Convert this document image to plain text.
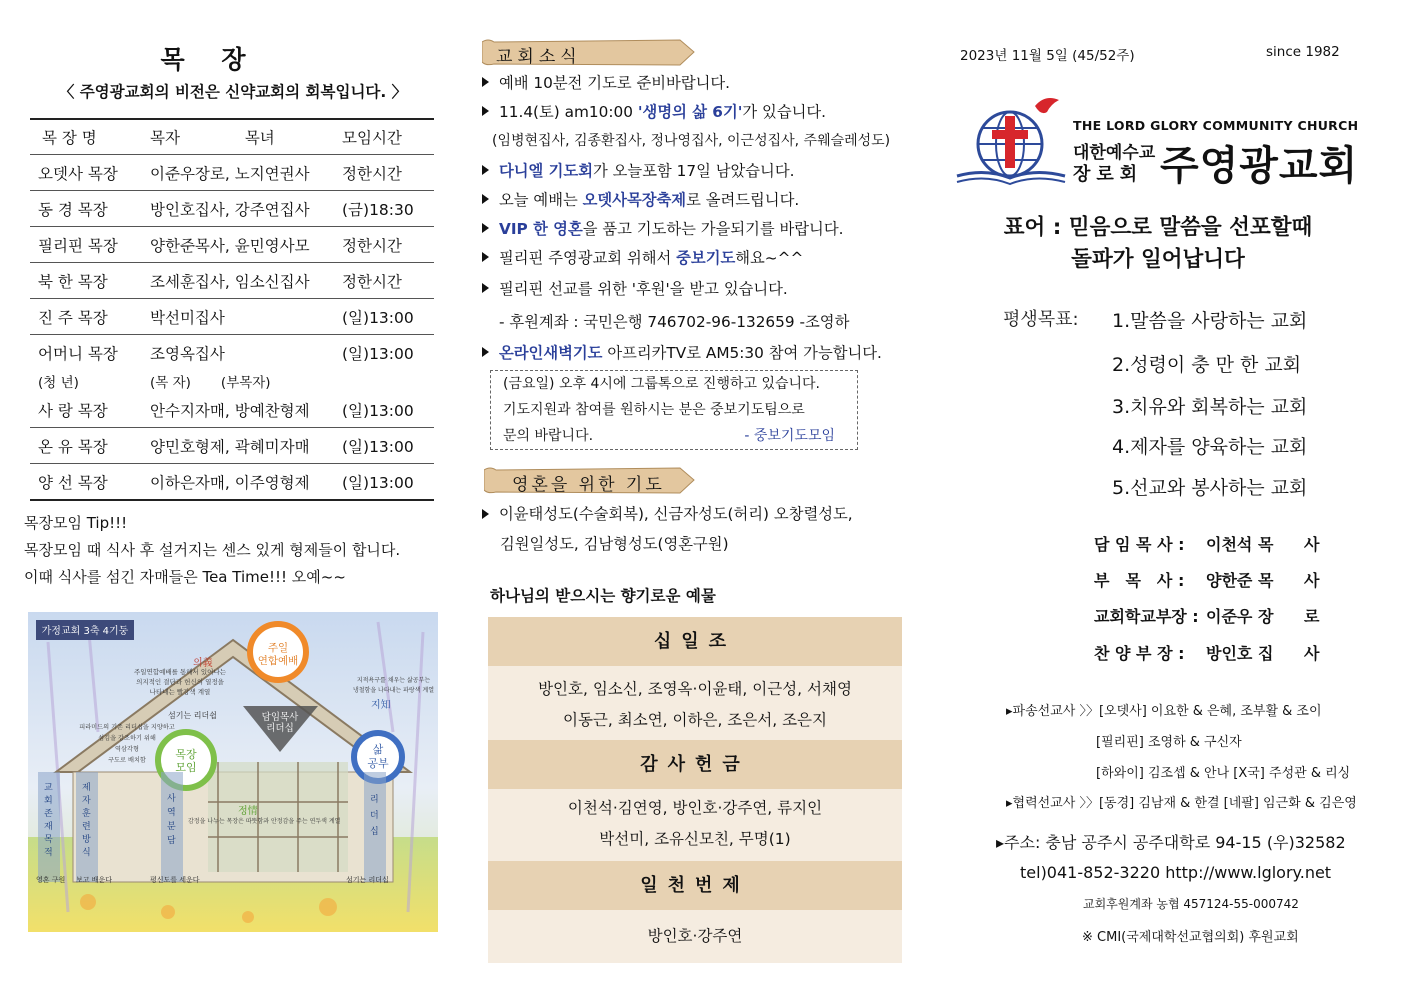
목 장
〈 주영광교회의 비전은 신약교회의 회복입니다. 〉
목 장 명	목자 목녀	모임시간
오뎃사 목장	이준우장로, 노지연권사	정한시간
동 경 목장	방인호집사, 강주연집사	(금)18:30
필리핀 목장	양한준목사, 윤민영사모	정한시간
북 한 목장	조세훈집사, 임소신집사	정한시간
진 주 목장	박선미집사	(일)13:00
어머니 목장	조영옥집사	(일)13:00
(청 년)	(목 자) (부목자)	
사 랑 목장	안수지자매, 방예찬형제	(일)13:00
온 유 목장	양민호형제, 곽혜미자매	(일)13:00
양 선 목장	이하은자매, 이주영형제	(일)13:00
목장모임 Tip!!!
목장모임 때 식사 후 설거지는 센스 있게 형제들이 합니다.
이때 식사를 섬긴 자매들은 Tea Time!!! 오예~~
가정교회 3축 4기둥
주일
연합예배
목장
모임
삶
공부
담임목사
리더십
의義
지知
정情
주일연합예배를 통해서 있어나는
의지적인 결단과 헌신의 열정을
나타내는 빨강색 계열
지적욕구를 채우는 삶공부는
냉철함을 나타내는 파랑색 계열
섬기는 리더쉽
피라미드의 기존 리더십을 지양하고
섬김을 강조하기 위해
역삼각형
구도로 배치함
감정을 나누는 목장은 따뜻함과 안정감을 주는 연두색 계열
교회존재목적
제자훈련방식
사역분담
리더십
영혼 구원 보고 배운다	평신도를 세운다	섬기는 리더십
교회소식
예배 10분전 기도로 준비바랍니다.
11.4(토) am10:00 '생명의 삶 6기'가 있습니다.
(임병현집사, 김종환집사, 정나영집사, 이근성집사, 주웨슬레성도)
다니엘 기도회가 오늘포함 17일 남았습니다.
오늘 예배는 오뎃사목장축제로 올려드립니다.
VIP 한 영혼을 품고 기도하는 가을되기를 바랍니다.
필리핀 주영광교회 위해서 중보기도해요~^^
필리핀 선교를 위한 '후원'을 받고 있습니다.
- 후원계좌 : 국민은행 746702-96-132659 -조영하
온라인새벽기도 아프리카TV로 AM5:30 참여 가능합니다.
(금요일) 오후 4시에 그룹톡으로 진행하고 있습니다.
기도지원과 참여를 원하시는 분은 중보기도팀으로
문의 바랍니다.	- 중보기도모임
영혼을 위한 기도
이윤태성도(수술회복), 신금자성도(허리) 오창렬성도,
김원일성도, 김남형성도(영혼구원)
하나님의 받으시는 향기로운 예물
십일조
방인호, 임소신, 조영옥·이윤태, 이근성, 서채영
이동근, 최소연, 이하은, 조은서, 조은지
감사헌금
이천석·김연영, 방인호·강주연, 류지인
박선미, 조유신모친, 무명(1)
일천번제
방인호·강주연
2023년 11월 5일 (45/52주)	since 1982
THE LORD GLORY COMMUNITY CHURCH
대한예수교
장로회 주영광교회
표어 : 믿음으로 말씀을 선포할때
돌파가 일어납니다
평생목표: 1.말씀을 사랑하는 교회
2.성령이 충 만 한 교회
3.치유와 회복하는 교회
4.제자를 양육하는 교회
5.선교와 봉사하는 교회
담 임 목 사 : 이천석 목 사
부　목　사 : 양한준 목 사
교회학교부장 : 이준우 장 로
찬 양 부 장 : 방인호 집 사
▸파송선교사 〉〉[오뎃사] 이요한 & 은혜, 조부활 & 조이
[필리핀] 조영하 & 구신자
[하와이] 김조셉 & 안나 [X국] 주성관 & 리싱
▸협력선교사 〉〉[동경] 김남재 & 한결 [네팔] 임근화 & 김은영
▸주소: 충남 공주시 공주대학로 94-15 (우)32582
tel)041-852-3220 http://www.lglory.net
교회후원계좌 농협 457124-55-000742
※ CMI(국제대학선교협의회) 후원교회
